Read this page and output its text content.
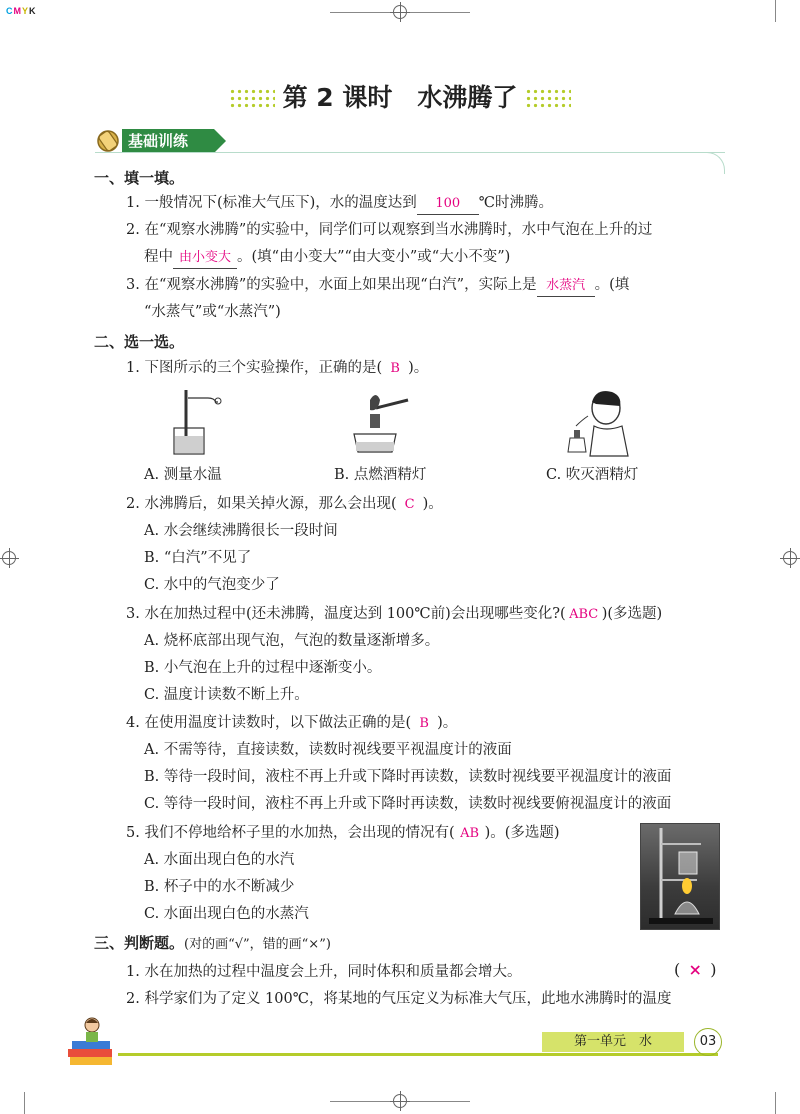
CMYK
第 2 课时　水沸腾了
基础训练
一、填一填。
1. 一般情况下(标准大气压下)，水的温度达到 100 ℃时沸腾。
2. 在“观察水沸腾”的实验中，同学们可以观察到当水沸腾时，水中气泡在上升的过
程中 由小变大 。(填“由小变大”“由大变小”或“大小不变”)
3. 在“观察水沸腾”的实验中，水面上如果出现“白汽”，实际上是 水蒸汽 。(填
“水蒸气”或“水蒸汽”)
二、选一选。
1. 下图所示的三个实验操作，正确的是( B )。
A. 测量水温	B. 点燃酒精灯	C. 吹灭酒精灯
2. 水沸腾后，如果关掉火源，那么会出现( C )。
A. 水会继续沸腾很长一段时间
B. “白汽”不见了
C. 水中的气泡变少了
3. 水在加热过程中(还未沸腾，温度达到 100℃前)会出现哪些变化?( ABC )(多选题)
A. 烧杯底部出现气泡，气泡的数量逐渐增多。
B. 小气泡在上升的过程中逐渐变小。
C. 温度计读数不断上升。
4. 在使用温度计读数时，以下做法正确的是( B )。
A. 不需等待，直接读数，读数时视线要平视温度计的液面
B. 等待一段时间，液柱不再上升或下降时再读数，读数时视线要平视温度计的液面
C. 等待一段时间，液柱不再上升或下降时再读数，读数时视线要俯视温度计的液面
5. 我们不停地给杯子里的水加热，会出现的情况有( AB )。(多选题)
A. 水面出现白色的水汽
B. 杯子中的水不断减少
C. 水面出现白色的水蒸汽
三、判断题。(对的画“√”，错的画“×”)
1. 水在加热的过程中温度会上升，同时体积和质量都会增大。	( × )
2. 科学家们为了定义 100℃，将某地的气压定义为标准大气压，此地水沸腾时的温度
第一单元　水	03
